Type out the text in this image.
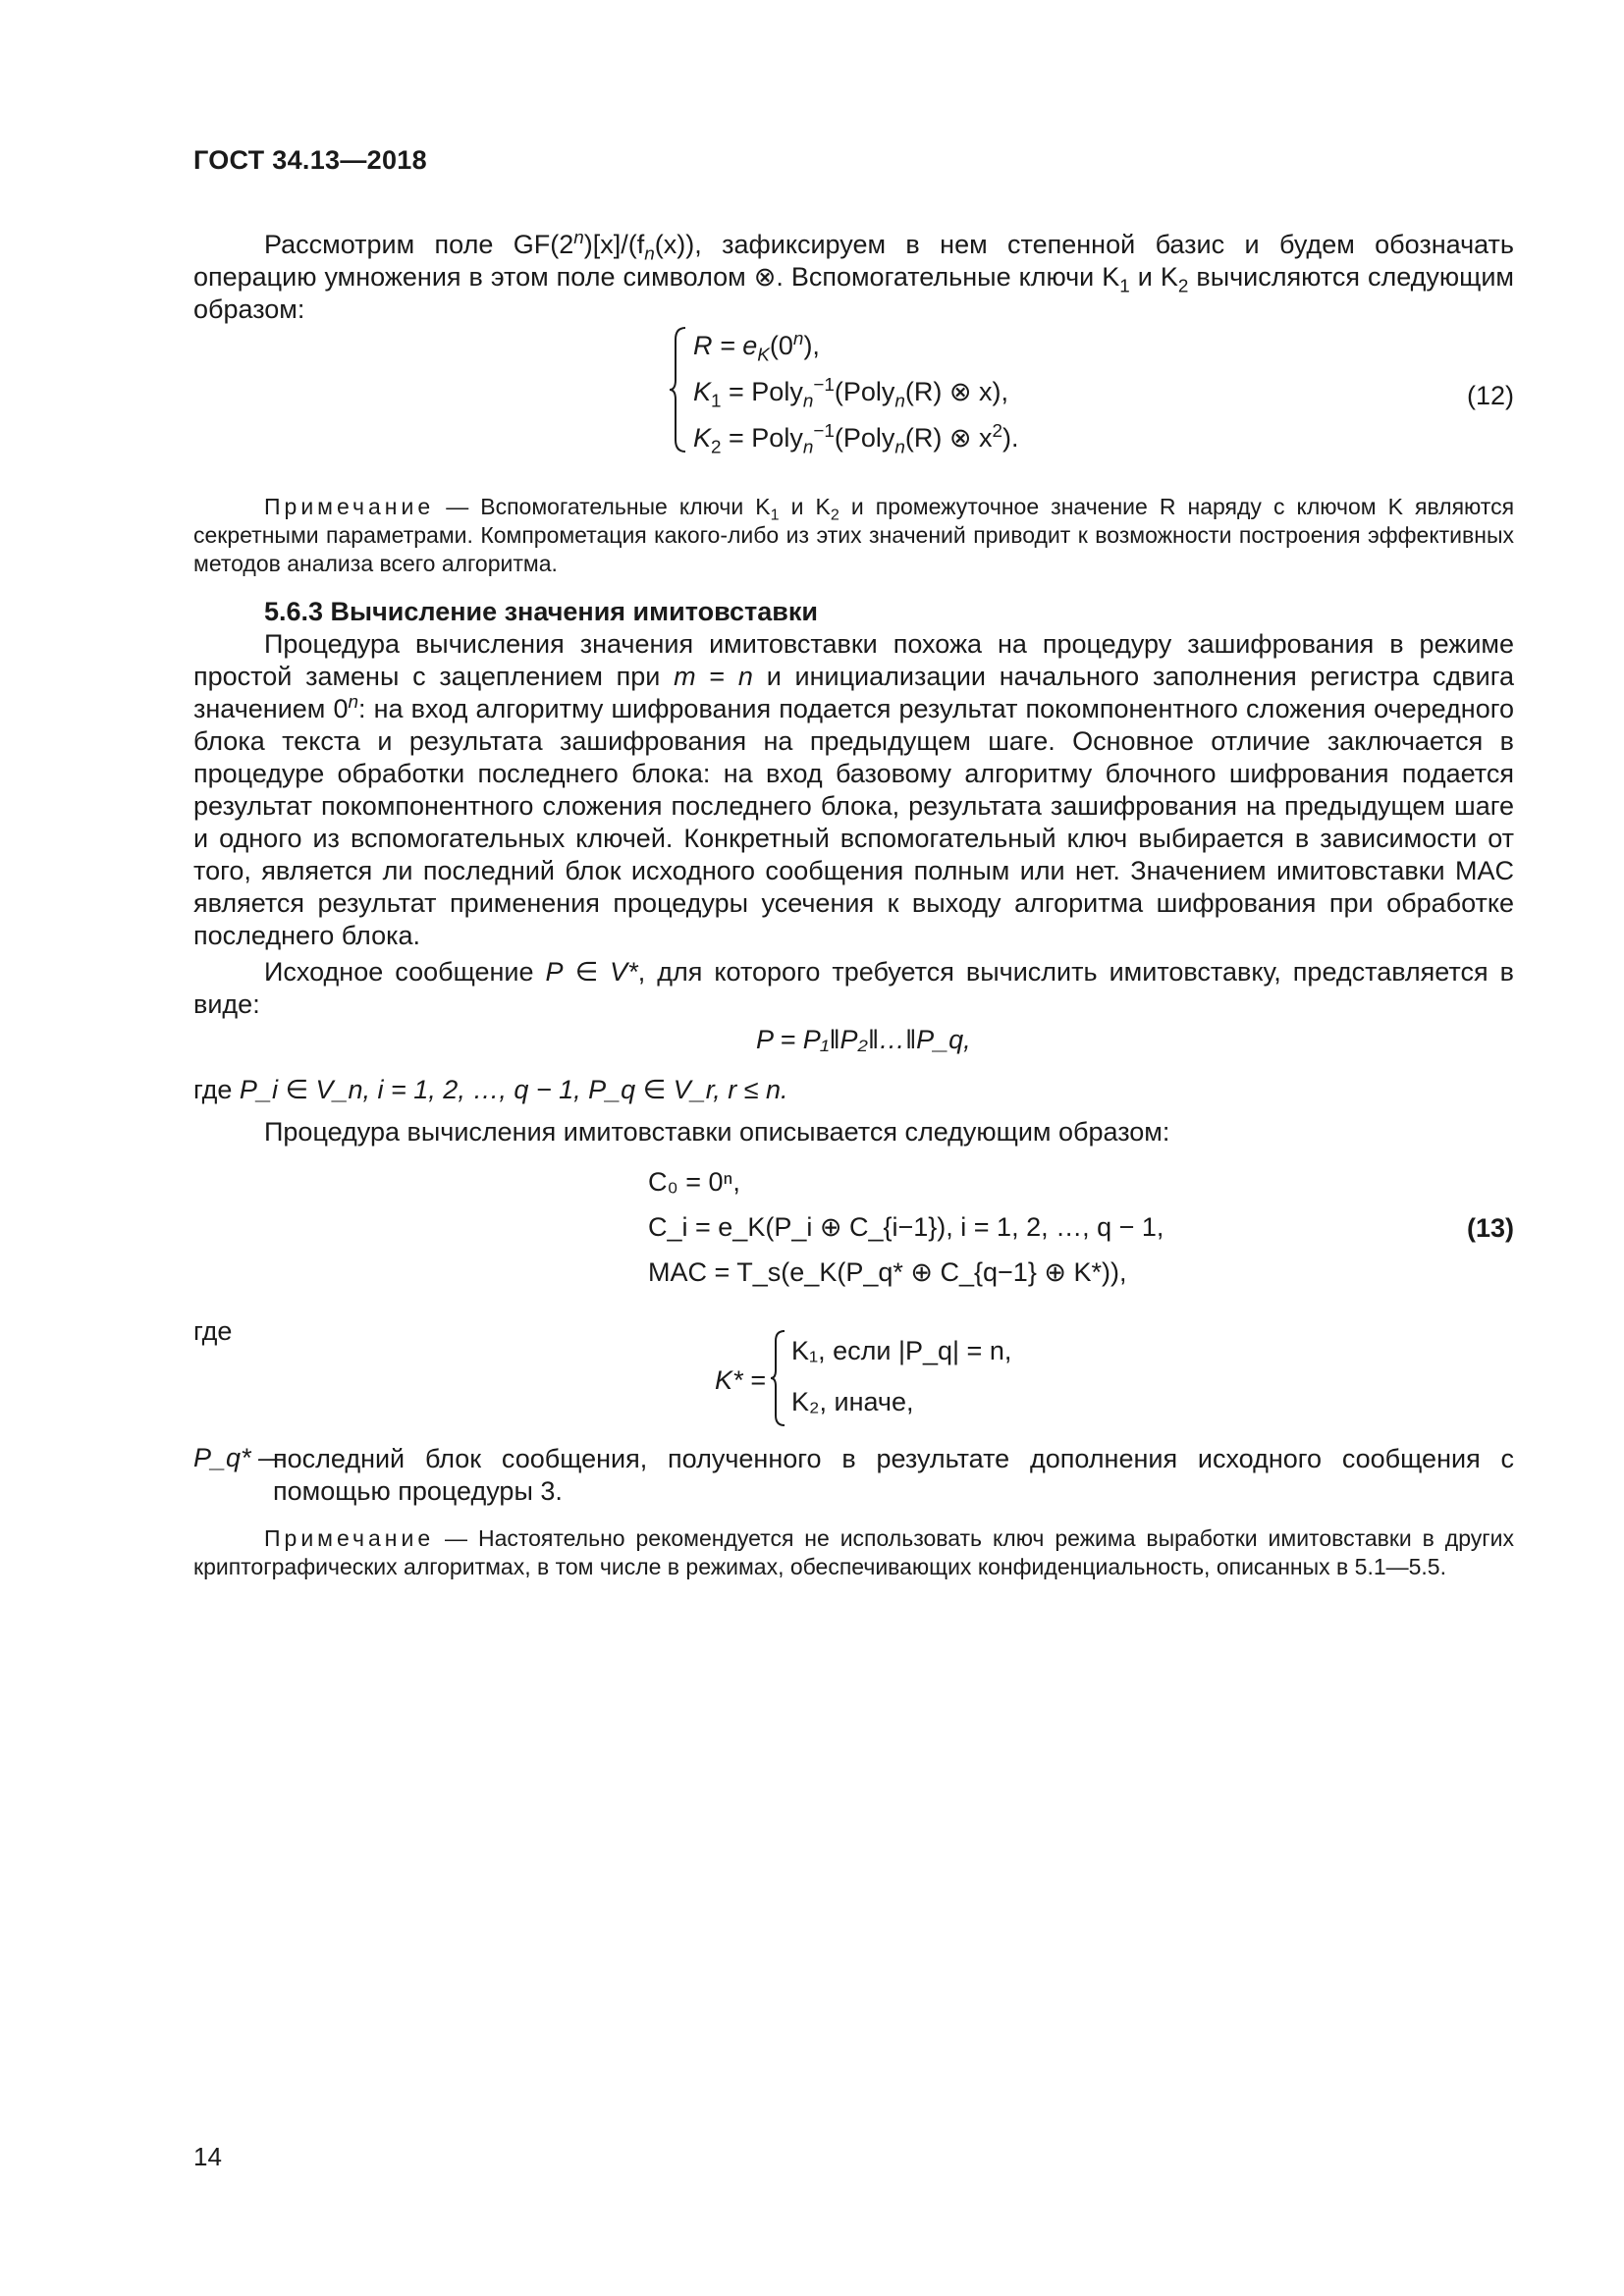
ГОСТ 34.13—2018

Рассмотрим поле $GF(2^n)[x]/(f_n(x))$, зафиксируем в нем степенной базис и будем обозначать операцию умножения в этом поле символом ⊗. Вспомогательные ключи $K_1$ и $K_2$ вычисляются следующим образом:

$R = e_K(0^n)$,
$K_1$ = Poly$_n^{-1}$(Poly$_n$(R) ⊗ x),
$K_2$ = Poly$_n^{-1}$(Poly$_n$(R) ⊗ $x^2$).
(12)

Примечание — Вспомогательные ключи $K_1$ и $K_2$ и промежуточное значение R наряду с ключом K являются секретными параметрами. Компрометация какого-либо из этих значений приводит к возможности построения эффективных методов анализа всего алгоритма.

5.6.3 Вычисление значения имитовставки

Процедура вычисления значения имитовставки похожа на процедуру зашифрования в режиме простой замены с зацеплением при m = n и инициализации начального заполнения регистра сдвига значением 0$^n$: на вход алгоритму шифрования подается результат покомпонентного сложения очередного блока текста и результата зашифрования на предыдущем шаге. Основное отличие заключается в процедуре обработки последнего блока: на вход базовому алгоритму блочного шифрования подается результат покомпонентного сложения последнего блока, результата зашифрования на предыдущем шаге и одного из вспомогательных ключей. Конкретный вспомогательный ключ выбирается в зависимости от того, является ли последний блок исходного сообщения полным или нет. Значением имитовставки MAC является результат применения процедуры усечения к выходу алгоритма шифрования при обработке последнего блока.

Исходное сообщение P ∈ V*, для которого требуется вычислить имитовставку, представляется в виде:

P = P₁‖P₂‖…‖P_q,
где P_i ∈ V_n, i = 1, 2, …, q − 1, P_q ∈ V_r, r ≤ n.

Процедура вычисления имитовставки описывается следующим образом:

C₀ = 0ⁿ,
C_i = e_K(P_i ⊕ C_{i−1}), i = 1, 2, …, q − 1,
MAC = T_s(e_K(P_q* ⊕ C_{q−1} ⊕ K*)),
(13)
где
K* =
K₁, если |P_q| = n,
K₂, иначе,
P_q* —

последний блок сообщения, полученного в результате дополнения исходного сообщения с помощью процедуры 3.

Примечание — Настоятельно рекомендуется не использовать ключ режима выработки имитовставки в других криптографических алгоритмах, в том числе в режимах, обеспечивающих конфиденциальность, описанных в 5.1—5.5.

14
